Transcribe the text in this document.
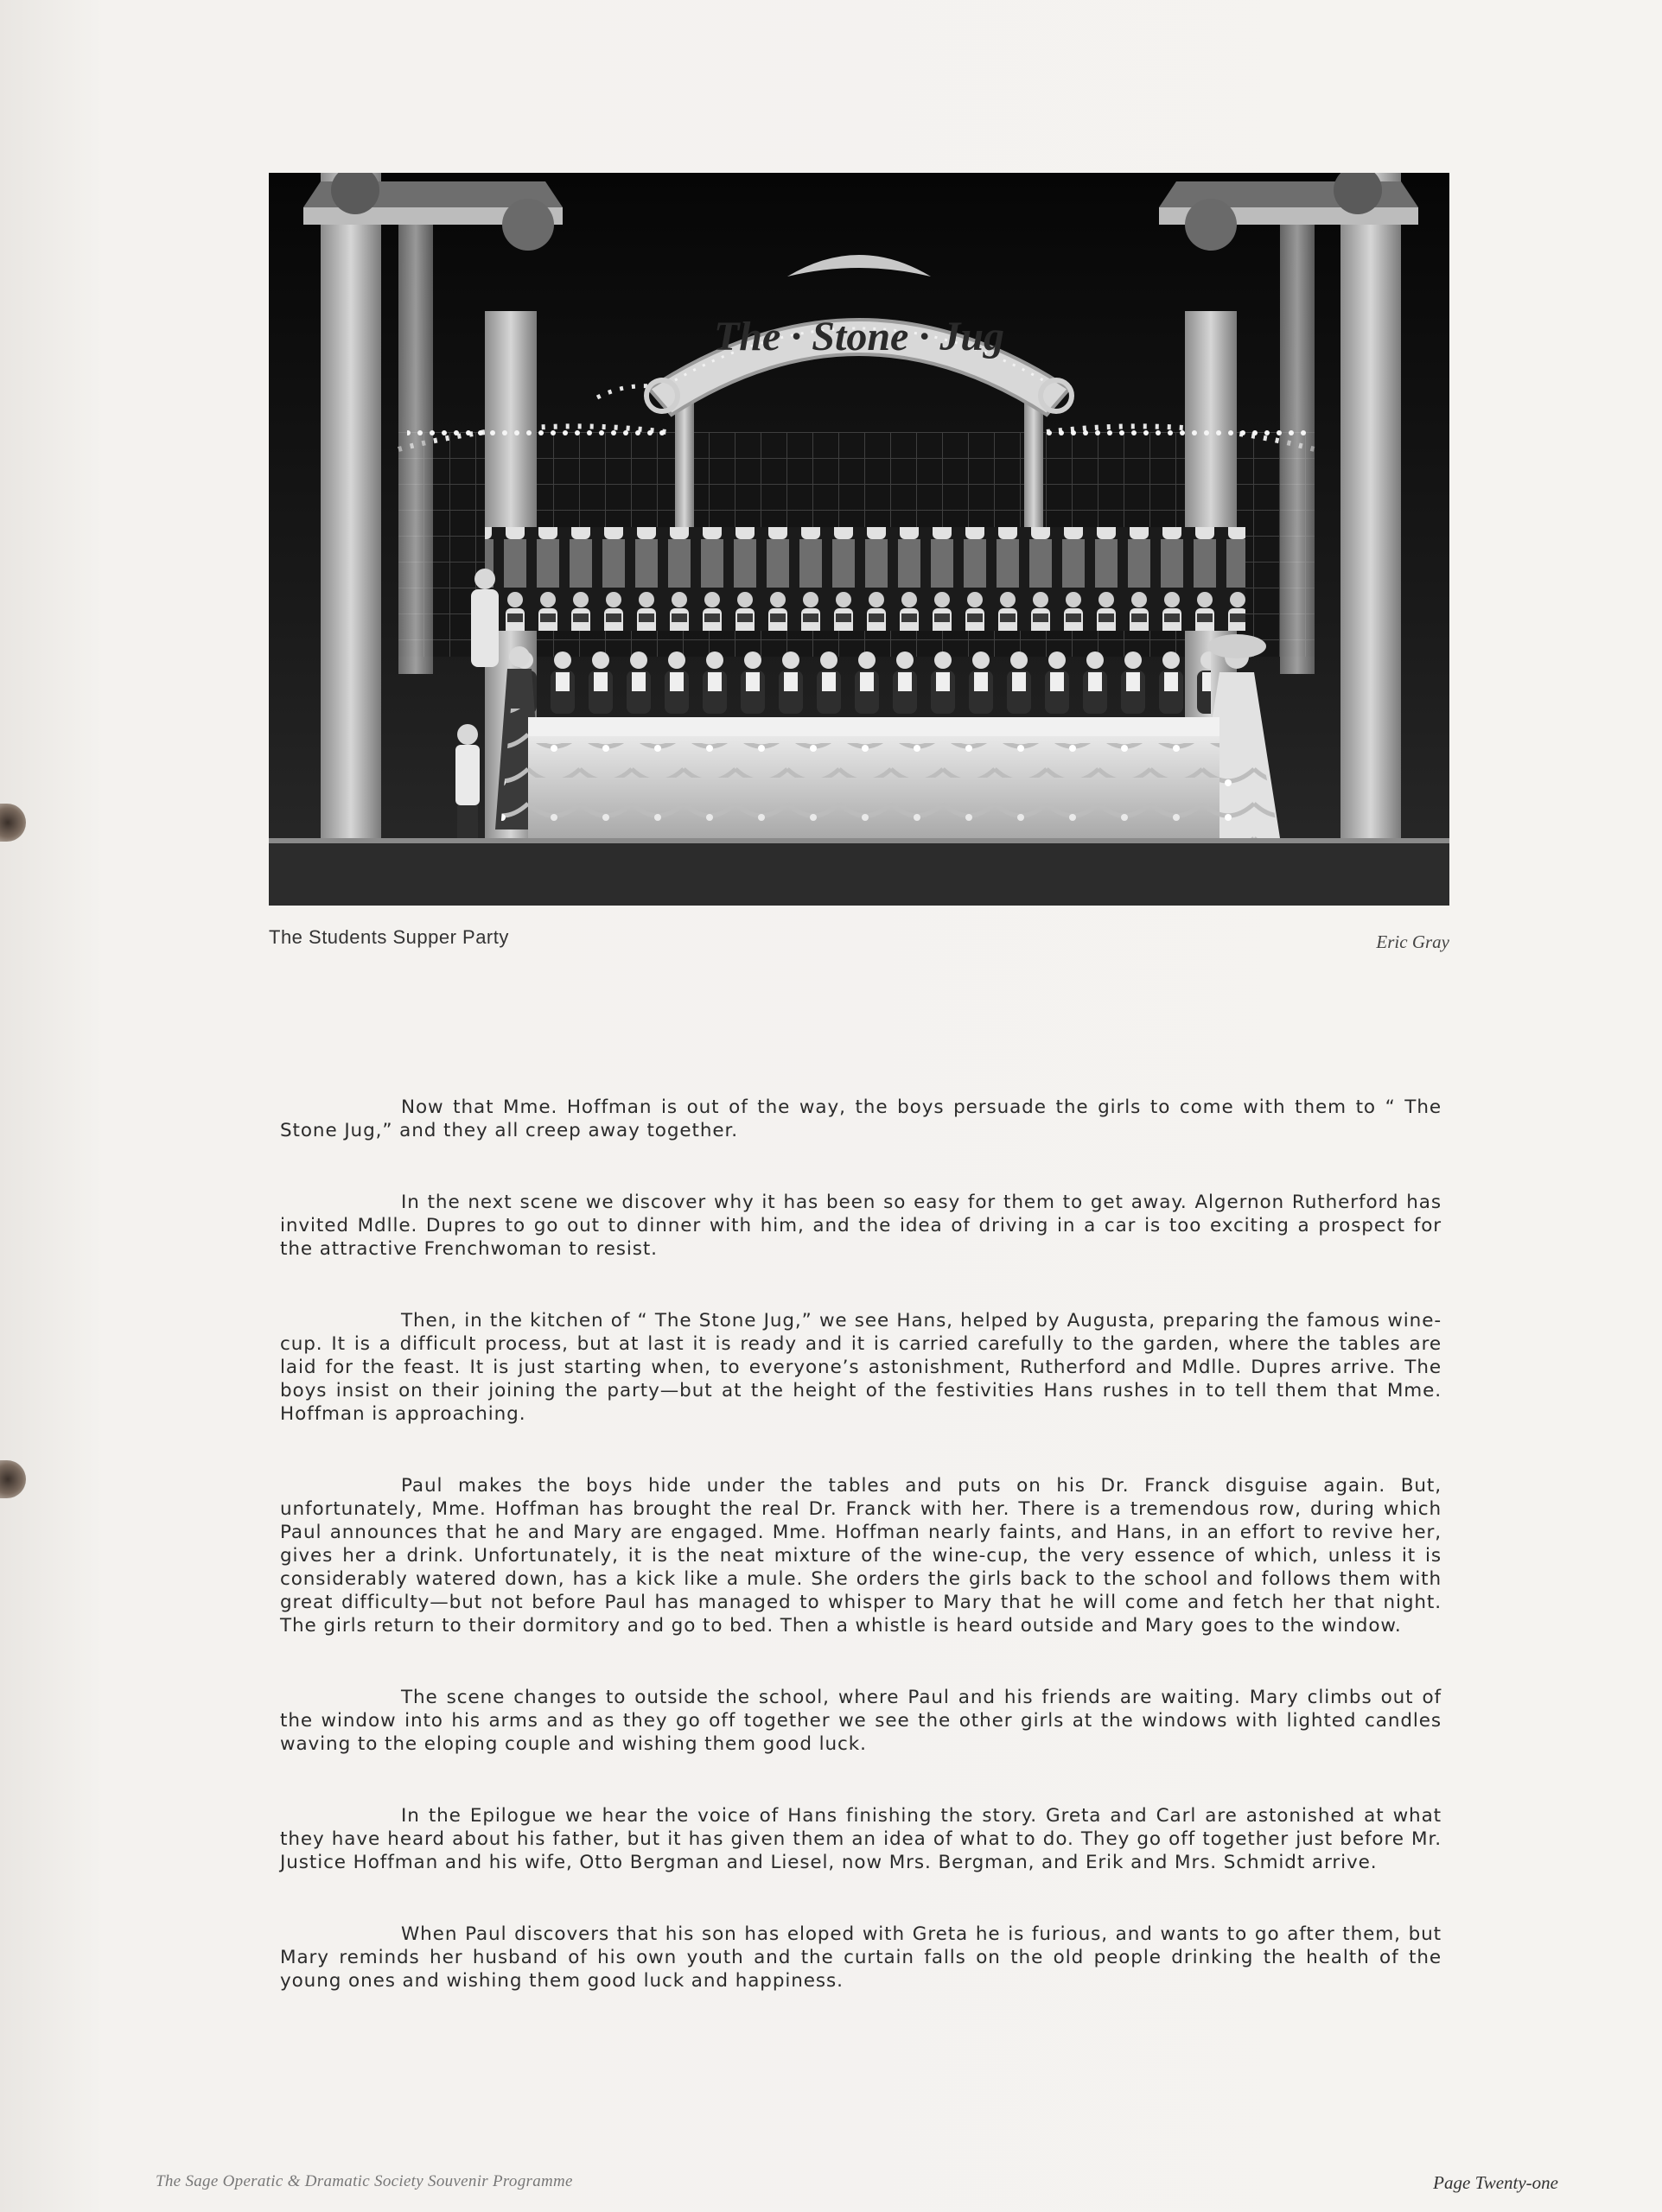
The · Stone · Jug
The Students Supper Party	Eric Gray

Now that Mme. Hoffman is out of the way, the boys persuade the girls to come with them to “ The Stone Jug,” and they all creep away together.

In the next scene we discover why it has been so easy for them to get away. Algernon Rutherford has invited Mdlle. Dupres to go out to dinner with him, and the idea of driving in a car is too exciting a prospect for the attractive Frenchwoman to resist.

Then, in the kitchen of “ The Stone Jug,” we see Hans, helped by Augusta, preparing the famous wine-cup. It is a difficult process, but at last it is ready and it is carried carefully to the garden, where the tables are laid for the feast. It is just starting when, to everyone’s astonishment, Rutherford and Mdlle. Dupres arrive. The boys insist on their joining the party—but at the height of the festivities Hans rushes in to tell them that Mme. Hoffman is approaching.

Paul makes the boys hide under the tables and puts on his Dr. Franck disguise again. But, unfortunately, Mme. Hoffman has brought the real Dr. Franck with her. There is a tremendous row, during which Paul announces that he and Mary are engaged. Mme. Hoffman nearly faints, and Hans, in an effort to revive her, gives her a drink. Unfortunately, it is the neat mixture of the wine-cup, the very essence of which, unless it is considerably watered down, has a kick like a mule. She orders the girls back to the school and follows them with great difficulty—but not before Paul has managed to whisper to Mary that he will come and fetch her that night. The girls return to their dormitory and go to bed. Then a whistle is heard outside and Mary goes to the window.

The scene changes to outside the school, where Paul and his friends are waiting. Mary climbs out of the window into his arms and as they go off together we see the other girls at the windows with lighted candles waving to the eloping couple and wishing them good luck.

In the Epilogue we hear the voice of Hans finishing the story. Greta and Carl are astonished at what they have heard about his father, but it has given them an idea of what to do. They go off together just before Mr. Justice Hoffman and his wife, Otto Bergman and Liesel, now Mrs. Bergman, and Erik and Mrs. Schmidt arrive.

When Paul discovers that his son has eloped with Greta he is furious, and wants to go after them, but Mary reminds her husband of his own youth and the curtain falls on the old people drinking the health of the young ones and wishing them good luck and happiness.

The Sage Operatic & Dramatic Society Souvenir Programme	Page Twenty-one
